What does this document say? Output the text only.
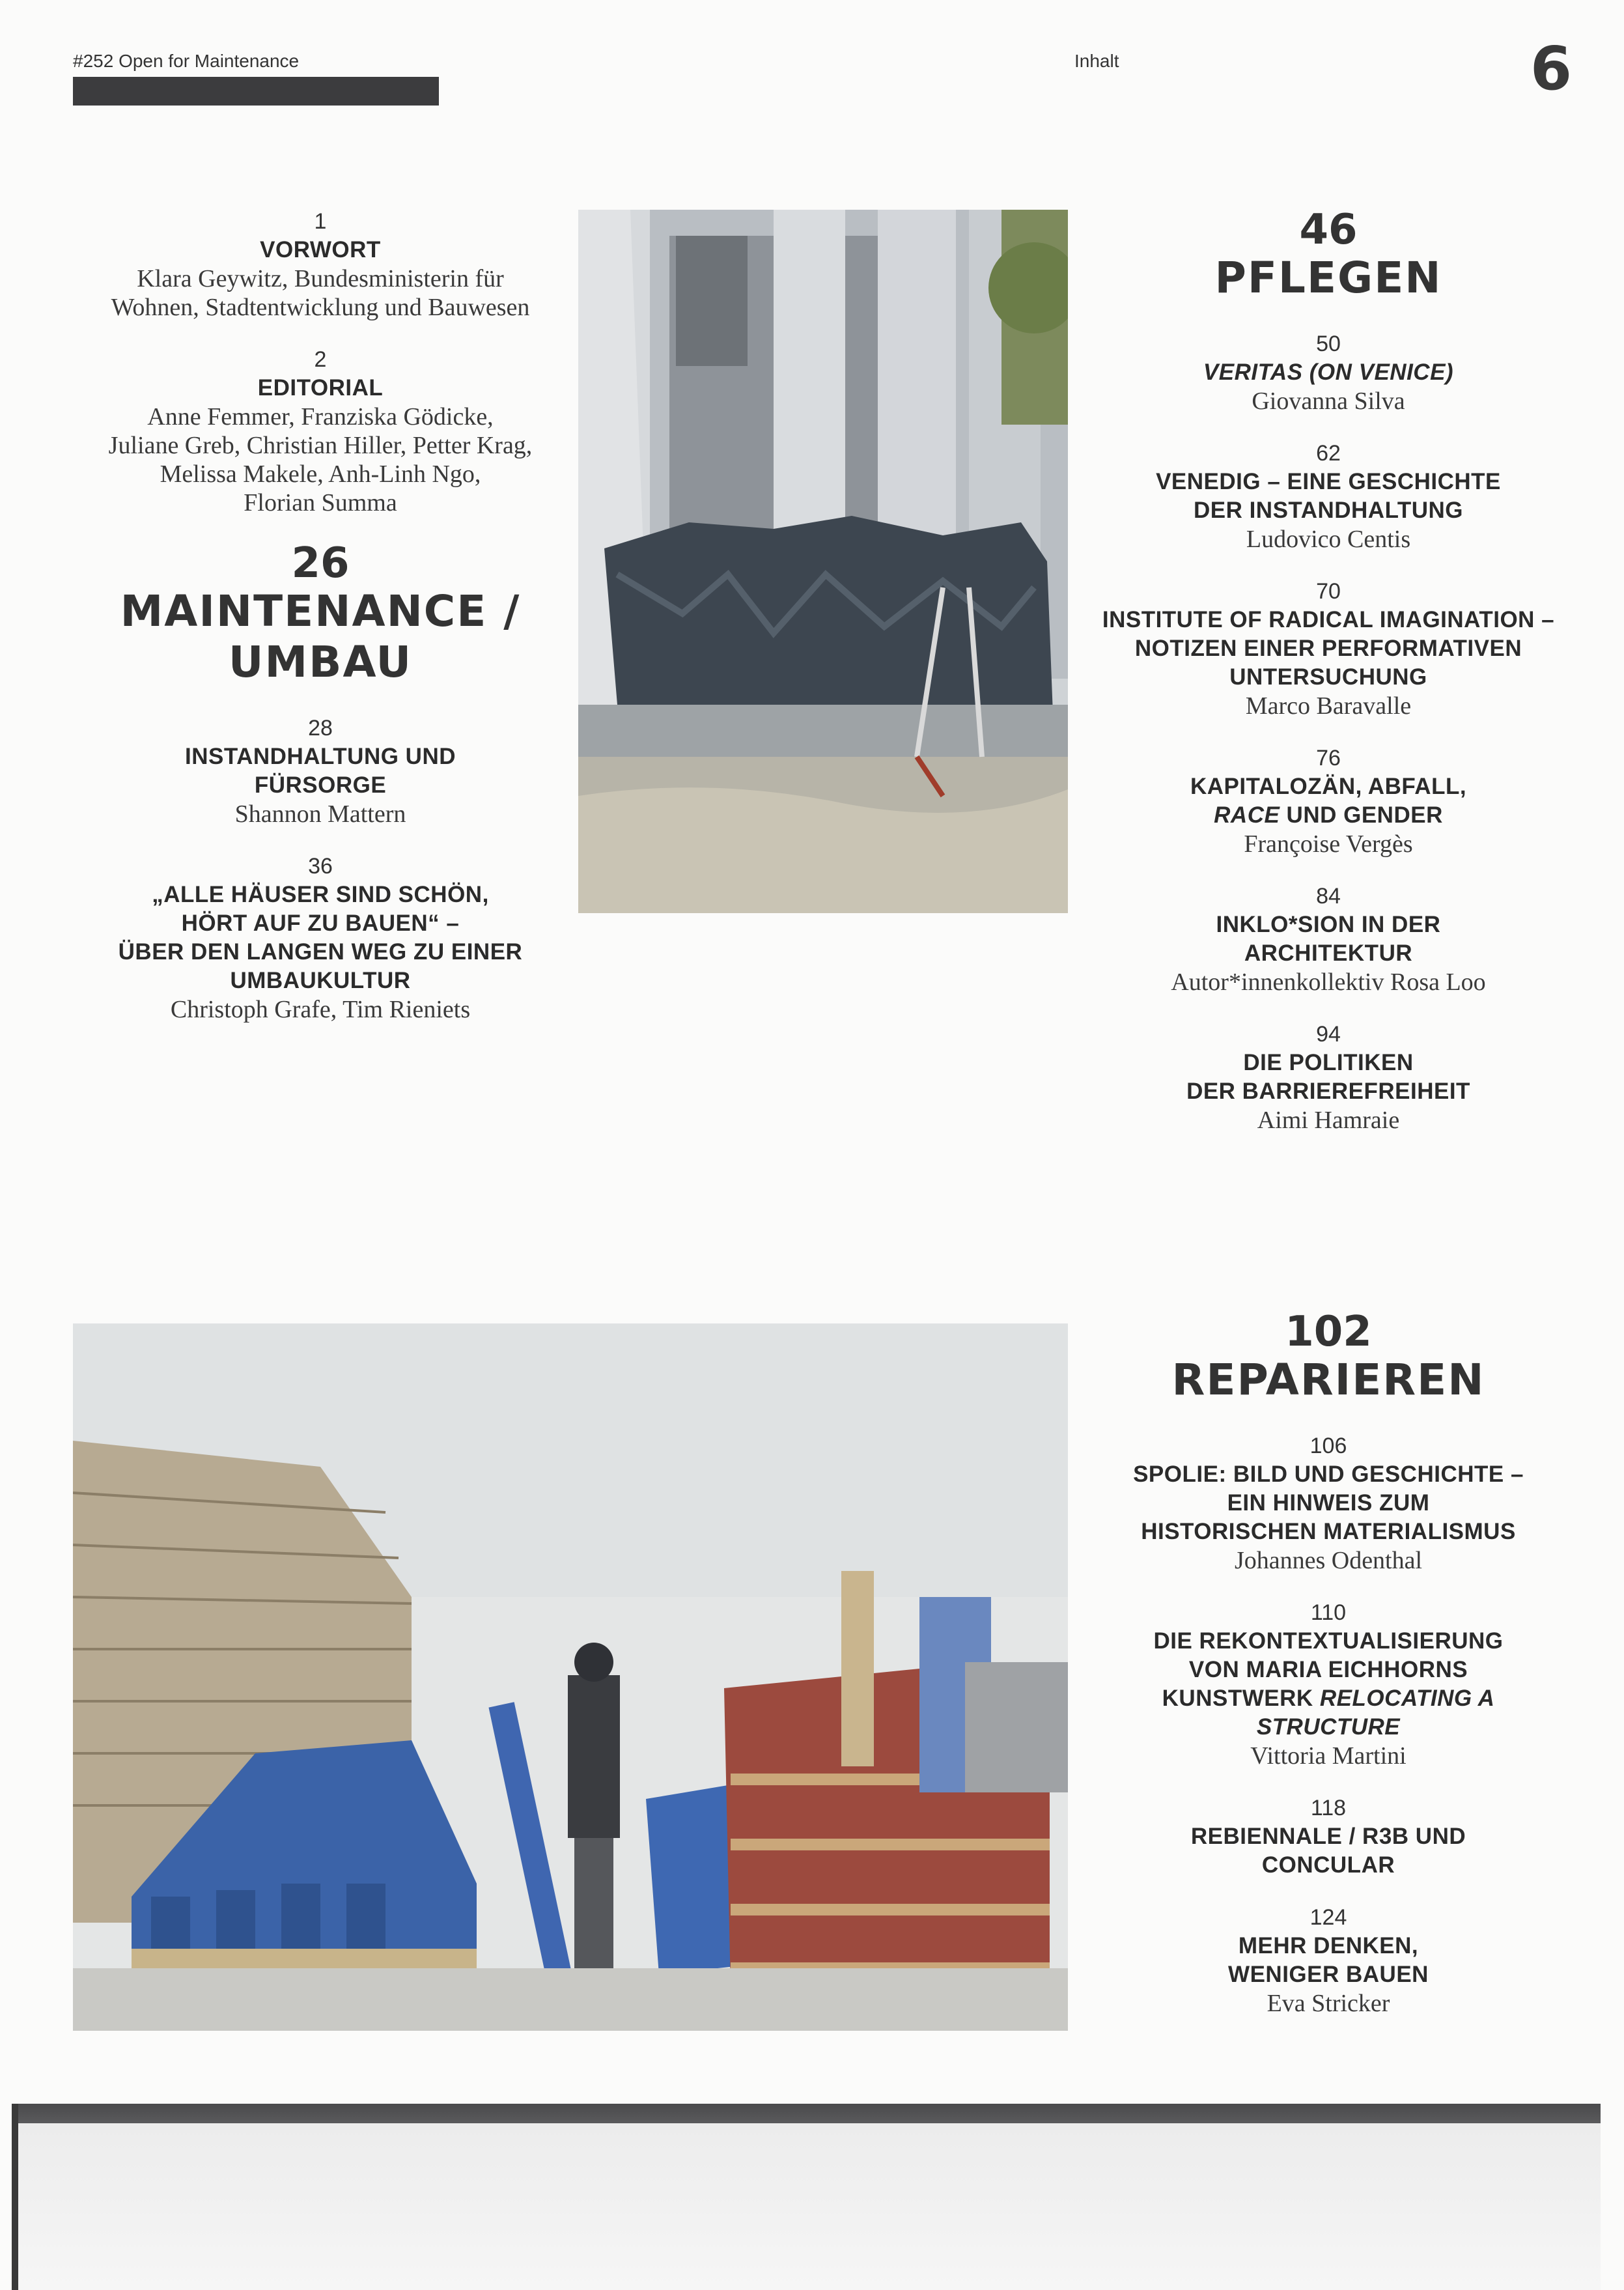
#252 Open for Maintenance	Inhalt	6
1
VORWORT
Klara Geywitz, Bundesministerin für
Wohnen, Stadtentwicklung und Bauwesen
2
EDITORIAL
Anne Femmer, Franziska Gödicke,
Juliane Greb, Christian Hiller, Petter Krag,
Melissa Makele, Anh-Linh Ngo,
Florian Summa
26
MAINTENANCE /
UMBAU
28
INSTANDHALTUNG UND
FÜRSORGE
Shannon Mattern
36
„ALLE HÄUSER SIND SCHÖN,
HÖRT AUF ZU BAUEN“ –
ÜBER DEN LANGEN WEG ZU EINER
UMBAUKULTUR
Christoph Grafe, Tim Rieniets
46
PFLEGEN
50
VERITAS (ON VENICE)
Giovanna Silva
62
VENEDIG – EINE GESCHICHTE
DER INSTANDHALTUNG
Ludovico Centis
70
INSTITUTE OF RADICAL IMAGINATION –
NOTIZEN EINER PERFORMATIVEN
UNTERSUCHUNG
Marco Baravalle
76
KAPITALOZÄN, ABFALL,
RACE UND GENDER
Françoise Vergès
84
INKLO*SION IN DER
ARCHITEKTUR
Autor*innenkollektiv Rosa Loo
94
DIE POLITIKEN
DER BARRIEREFREIHEIT
Aimi Hamraie
102
REPARIEREN
106
SPOLIE: BILD UND GESCHICHTE –
EIN HINWEIS ZUM
HISTORISCHEN MATERIALISMUS
Johannes Odenthal
110
DIE REKONTEXTUALISIERUNG
VON MARIA EICHHORNS
KUNSTWERK RELOCATING A
STRUCTURE
Vittoria Martini
118
REBIENNALE / R3B UND
CONCULAR
124
MEHR DENKEN,
WENIGER BAUEN
Eva Stricker
